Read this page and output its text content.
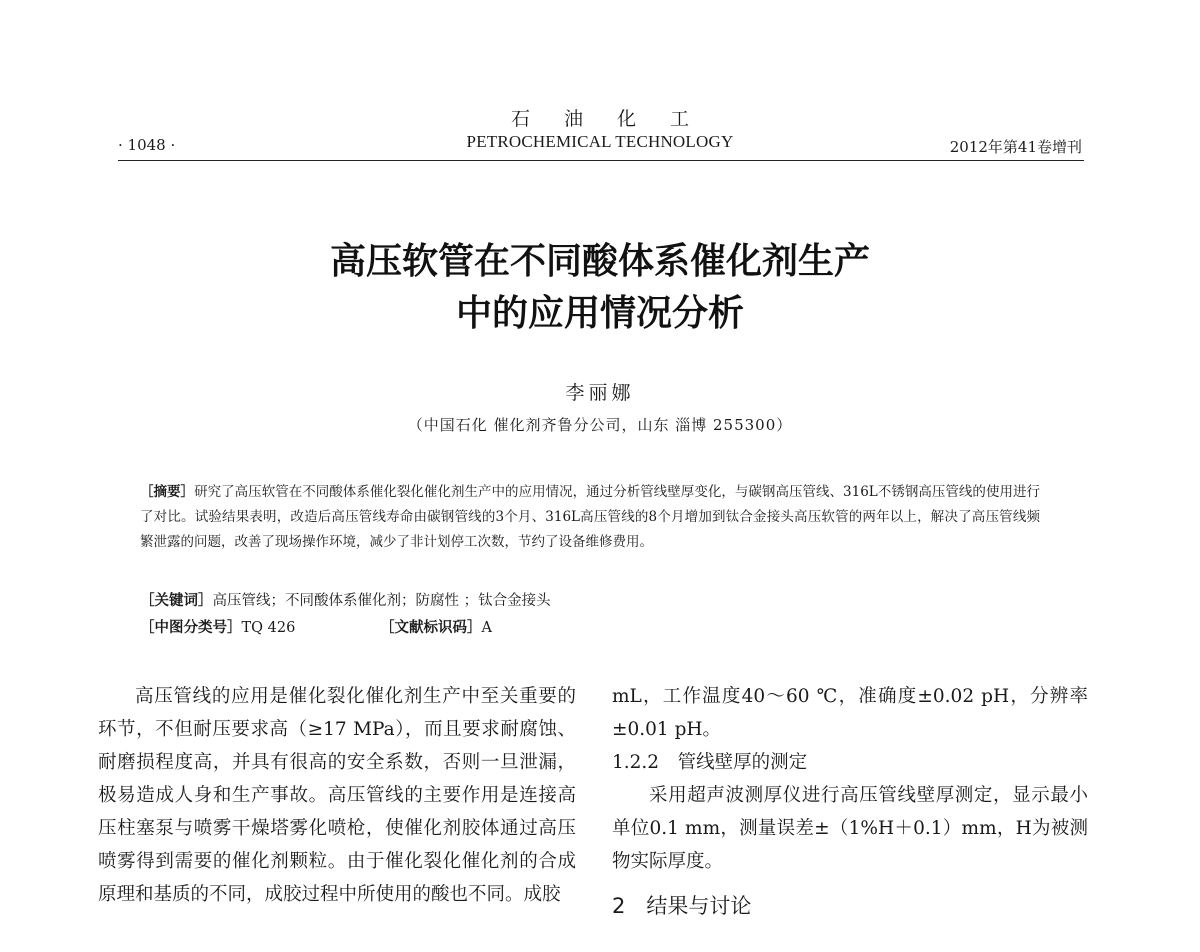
石油化工
· 1048 ·	PETROCHEMICAL TECHNOLOGY	2012年第41卷增刊
高压软管在不同酸体系催化剂生产
中的应用情况分析
李丽娜
（中国石化 催化剂齐鲁分公司，山东 淄博 255300）
［摘要］研究了高压软管在不同酸体系催化裂化催化剂生产中的应用情况，通过分析管线壁厚变化，与碳钢高压管线、316L不锈钢高压管线的使用进行了对比。试验结果表明，改造后高压管线寿命由碳钢管线的3个月、316L高压管线的8个月增加到钛合金接头高压软管的两年以上，解决了高压管线频繁泄露的问题，改善了现场操作环境，减少了非计划停工次数，节约了设备维修费用。
［关键词］高压管线；不同酸体系催化剂；防腐性 ；钛合金接头
［中图分类号］TQ 426	［文献标识码］A

高压管线的应用是催化裂化催化剂生产中至关重要的环节，不但耐压要求高（≥17 MPa），而且要求耐腐蚀、耐磨损程度高，并具有很高的安全系数，否则一旦泄漏，极易造成人身和生产事故。高压管线的主要作用是连接高压柱塞泵与喷雾干燥塔雾化喷枪，使催化剂胶体通过高压喷雾得到需要的催化剂颗粒。由于催化裂化催化剂的合成原理和基质的不同，成胶过程中所使用的酸也不同。成胶

mL，工作温度40～60 ℃，准确度±0.02 pH，分辨率±0.01 pH。

1.2.2　管线壁厚的测定

采用超声波测厚仪进行高压管线壁厚测定，显示最小单位0.1 mm，测量误差±（1%H＋0.1）mm，H为被测物实际厚度。

2　结果与讨论
